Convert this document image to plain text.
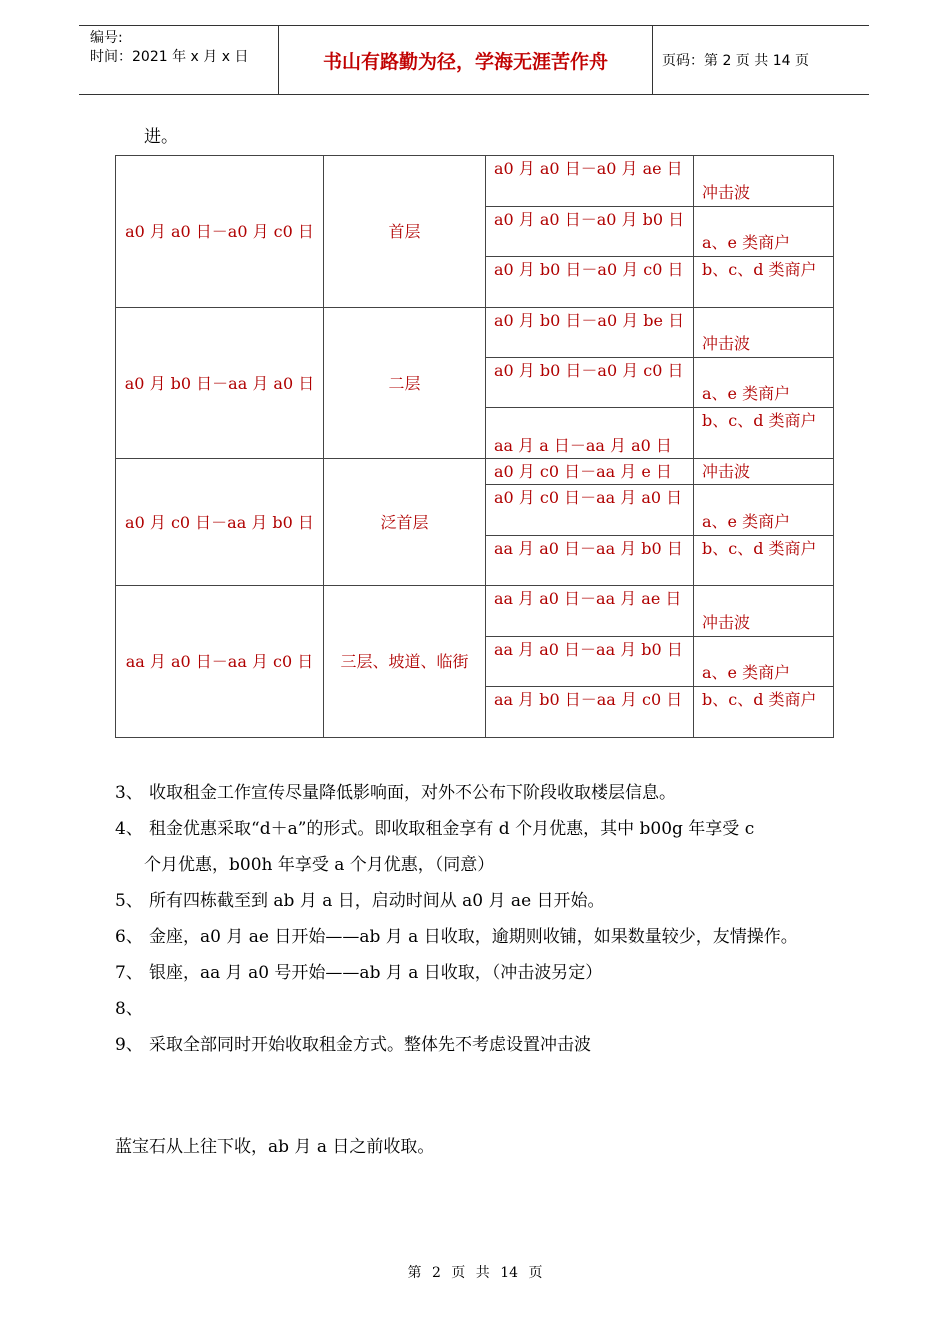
编号:
时间：2021 年 x 月 x 日	书山有路勤为径，学海无涯苦作舟	页码：第 2 页 共 14 页
进。
a0 月 a0 日－a0 月 c0 日	首层	a0 月 a0 日－a0 月 ae 日	冲击波
		a0 月 a0 日－a0 月 b0 日	a、e 类商户
		a0 月 b0 日－a0 月 c0 日	b、c、d 类商户
a0 月 b0 日－aa 月 a0 日	二层	a0 月 b0 日－a0 月 be 日	冲击波
		a0 月 b0 日－a0 月 c0 日	a、e 类商户
		aa 月 a 日－aa 月 a0 日	b、c、d 类商户
a0 月 c0 日－aa 月 b0 日	泛首层	a0 月 c0 日－aa 月 e 日	冲击波
		a0 月 c0 日－aa 月 a0 日	a、e 类商户
		aa 月 a0 日－aa 月 b0 日	b、c、d 类商户
aa 月 a0 日－aa 月 c0 日	三层、坡道、临街	aa 月 a0 日－aa 月 ae 日	冲击波
		aa 月 a0 日－aa 月 b0 日	a、e 类商户
		aa 月 b0 日－aa 月 c0 日	b、c、d 类商户
3、 收取租金工作宣传尽量降低影响面，对外不公布下阶段收取楼层信息。
4、 租金优惠采取“d＋a”的形式。即收取租金享有 d 个月优惠，其中 b00g 年享受 c
个月优惠，b00h 年享受 a 个月优惠，（同意）
5、 所有四栋截至到 ab 月 a 日，启动时间从 a0 月 ae 日开始。
6、 金座，a0 月 ae 日开始——ab 月 a 日收取，逾期则收铺，如果数量较少，友情操作。
7、 银座，aa 月 a0 号开始——ab 月 a 日收取，（冲击波另定）
8、
9、 采取全部同时开始收取租金方式。整体先不考虑设置冲击波
蓝宝石从上往下收，ab 月 a 日之前收取。
第 2 页 共 14 页
